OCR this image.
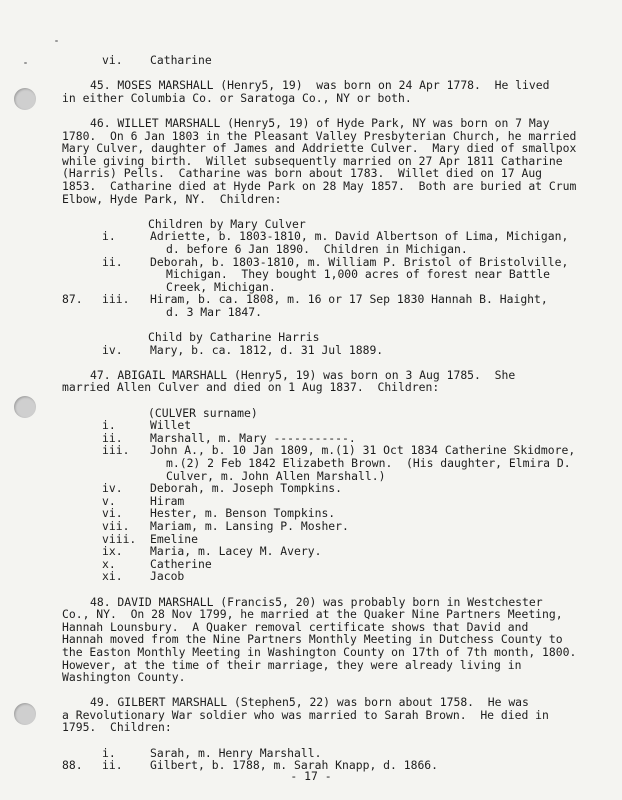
vi. Catharine
45. MOSES MARSHALL (Henry5, 19)  was born on 24 Apr 1778.  He lived
in either Columbia Co. or Saratoga Co., NY or both.
46. WILLET MARSHALL (Henry5, 19) of Hyde Park, NY was born on 7 May
1780.  On 6 Jan 1803 in the Pleasant Valley Presbyterian Church, he married
Mary Culver, daughter of James and Addriette Culver.  Mary died of smallpox
while giving birth.  Willet subsequently married on 27 Apr 1811 Catharine
(Harris) Pells.  Catharine was born about 1783.  Willet died on 17 Aug
1853.  Catharine died at Hyde Park on 28 May 1857.  Both are buried at Crum
Elbow, Hyde Park, NY.  Children:
Children by Mary Culver
i.	Adriette, b. 1803-1810, m. David Albertson of Lima, Michigan,
d. before 6 Jan 1890.  Children in Michigan.
ii. Deborah, b. 1803-1810, m. William P. Bristol of Bristolville,
Michigan.  They bought 1,000 acres of forest near Battle
Creek, Michigan.
87. iii. Hiram, b. ca. 1808, m. 16 or 17 Sep 1830 Hannah B. Haight,
d. 3 Mar 1847.
Child by Catharine Harris
iv. Mary, b. ca. 1812, d. 31 Jul 1889.
47. ABIGAIL MARSHALL (Henry5, 19) was born on 3 Aug 1785.  She
married Allen Culver and died on 1 Aug 1837.  Children:
(CULVER surname)
i.	Willet
ii. Marshall, m. Mary -----------.
iii. John A., b. 10 Jan 1809, m.(1) 31 Oct 1834 Catherine Skidmore,
m.(2) 2 Feb 1842 Elizabeth Brown.  (His daughter, Elmira D.
Culver, m. John Allen Marshall.)
iv. Deborah, m. Joseph Tompkins.
v.	Hiram
vi. Hester, m. Benson Tompkins.
vii. Mariam, m. Lansing P. Mosher.
viii. Emeline
ix. Maria, m. Lacey M. Avery.
x.	Catherine
xi. Jacob
48. DAVID MARSHALL (Francis5, 20) was probably born in Westchester
Co., NY.  On 28 Nov 1799, he married at the Quaker Nine Partners Meeting,
Hannah Lounsbury.  A Quaker removal certificate shows that David and
Hannah moved from the Nine Partners Monthly Meeting in Dutchess County to
the Easton Monthly Meeting in Washington County on 17th of 7th month, 1800.
However, at the time of their marriage, they were already living in
Washington County.
49. GILBERT MARSHALL (Stephen5, 22) was born about 1758.  He was
a Revolutionary War soldier who was married to Sarah Brown.  He died in
1795.  Children:
i.	Sarah, m. Henry Marshall.
88. ii. Gilbert, b. 1788, m. Sarah Knapp, d. 1866.
- 17 -
